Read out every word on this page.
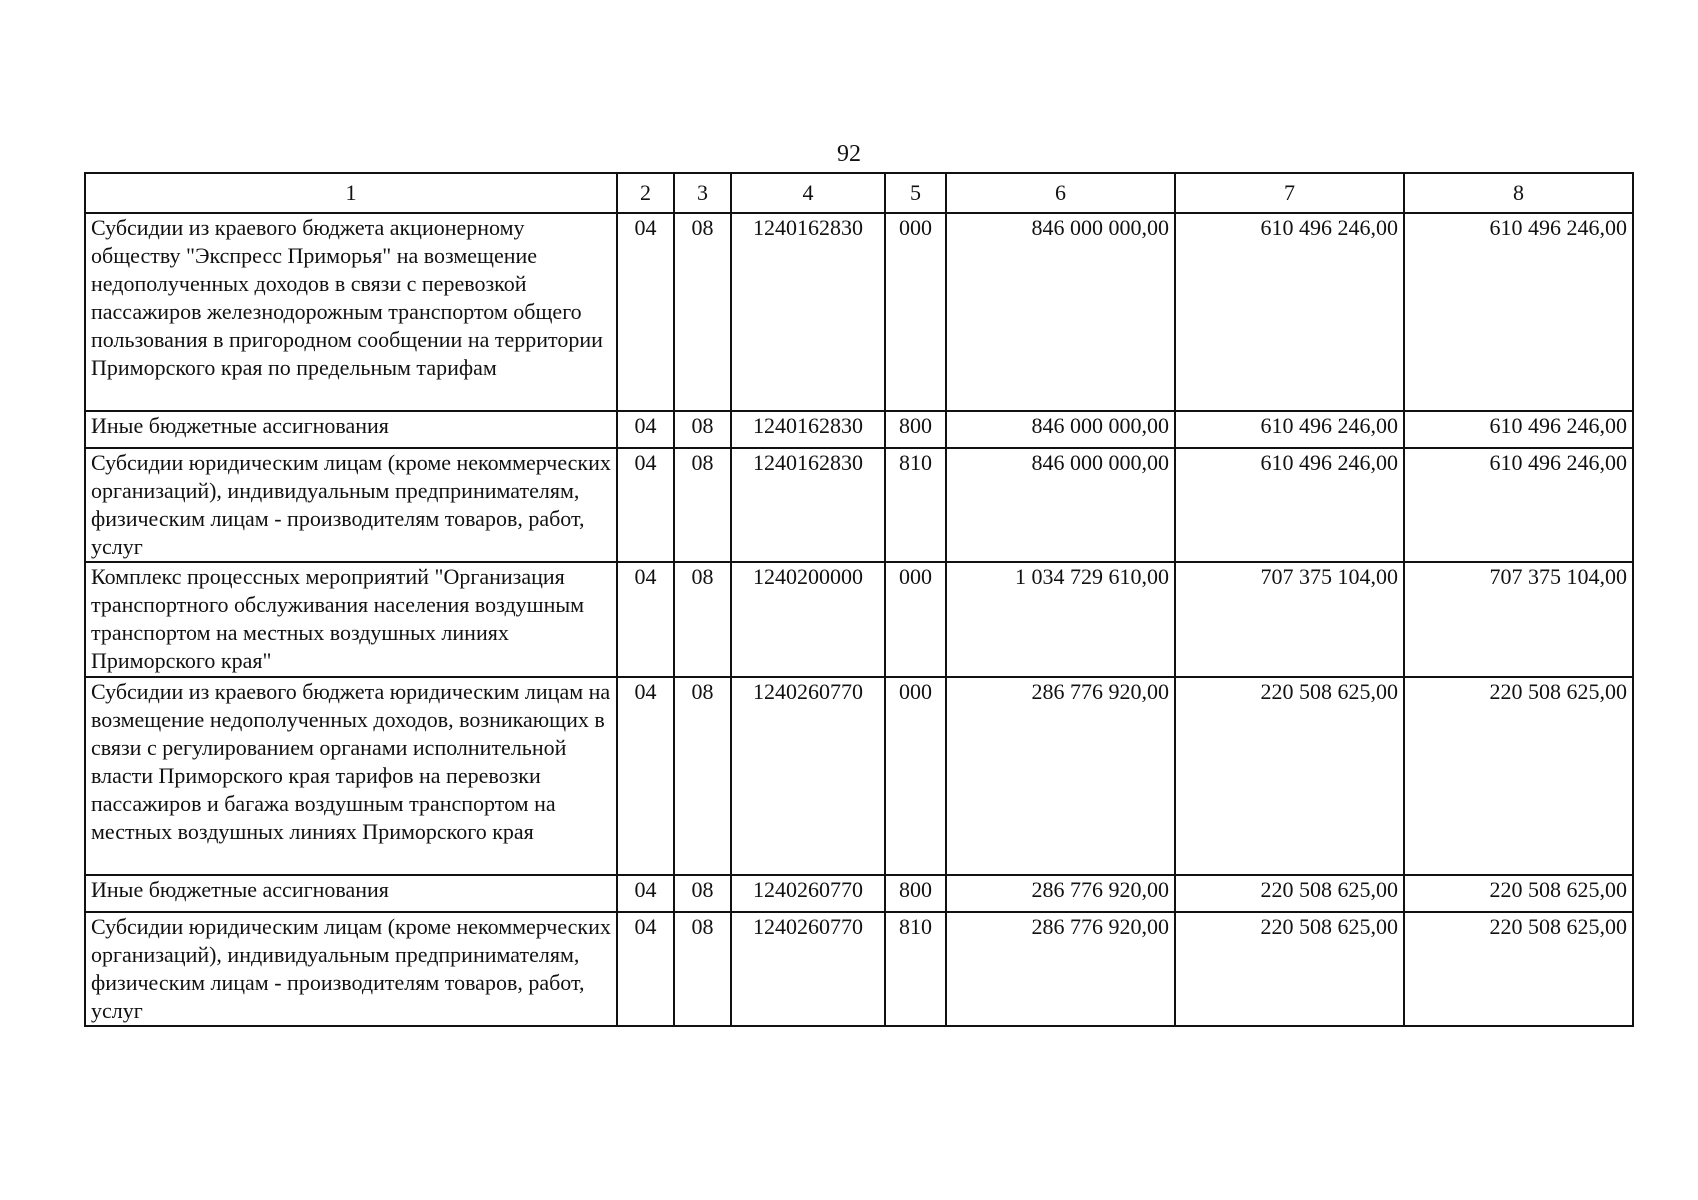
92
1	2	3	4	5	6	7	8
Субсидии из краевого бюджета акционерному обществу "Экспресс Приморья" на возмещение недополученных доходов в связи с перевозкой пассажиров железнодорожным транспортом общего пользования в пригородном сообщении на территории Приморского края по предельным тарифам	04	08	1240162830	000	846 000 000,00	610 496 246,00	610 496 246,00
Иные бюджетные ассигнования	04	08	1240162830	800	846 000 000,00	610 496 246,00	610 496 246,00
Субсидии юридическим лицам (кроме некоммерческих организаций), индивидуальным предпринимателям, физическим лицам - производителям товаров, работ, услуг	04	08	1240162830	810	846 000 000,00	610 496 246,00	610 496 246,00
Комплекс процессных мероприятий "Организация транспортного обслуживания населения воздушным транспортом на местных воздушных линиях Приморского края"	04	08	1240200000	000	1 034 729 610,00	707 375 104,00	707 375 104,00
Субсидии из краевого бюджета юридическим лицам на возмещение недополученных доходов, возникающих в связи с регулированием органами исполнительной власти Приморского края тарифов на перевозки пассажиров и багажа воздушным транспортом на местных воздушных линиях Приморского края	04	08	1240260770	000	286 776 920,00	220 508 625,00	220 508 625,00
Иные бюджетные ассигнования	04	08	1240260770	800	286 776 920,00	220 508 625,00	220 508 625,00
Субсидии юридическим лицам (кроме некоммерческих организаций), индивидуальным предпринимателям, физическим лицам - производителям товаров, работ, услуг	04	08	1240260770	810	286 776 920,00	220 508 625,00	220 508 625,00
